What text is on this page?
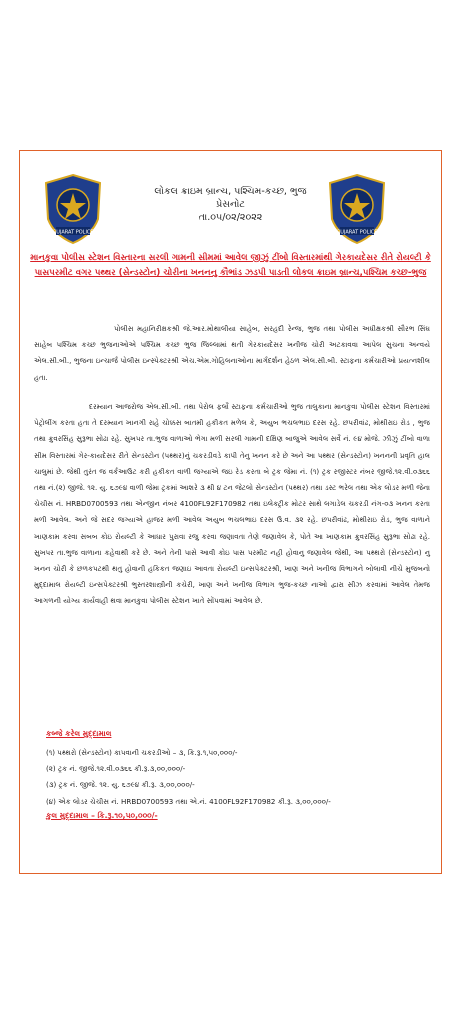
GUJARAT POLICE	GUJARAT POLICE
લોકલ ક્રાઇમ બ્રાન્ચ, પશ્ચિમ-કચ્છ, ભુજ
પ્રેસનોટ
તા.૦૫/૦૨/૨૦૨૨
માનકુવા પોલીસ સ્ટેશન વિસ્તારના સરલી ગામની સીમમાં આવેલ જીઝું ટીંબો વિસ્તારમાંથી ગેરકાયદેસર રીતે રોયલ્ટી કે પાસપરમીટ વગર પથ્થર (સેન્ડસ્ટોન) ચોરીના ખનનનુ કૌભાંડ ઝડપી પાડતી લોકલ ક્રાઇમ બ્રાન્ચ,પશ્ચિમ કચ્છ-ભુજ
પોલીસ મહાનિરીક્ષકશ્રી જે.આર.મોથાલીયા સાહેબ, સરહદી રેન્જ, ભુજ તથા પોલીસ અધીક્ષકશ્રી સૌરભ સિંઘ સાહેબ પશ્ચિમ કચ્છ ભુજનાઓએ પશ્ચિમ કચ્છ ભુજ જિલ્લામાં થતી ગેરકાયદેસર ખનીજ ચોરી અટકાવવા આપેલ સુચના અન્વયે એલ.સી.બી., ભુજના ઇન્ચાર્જ પોલીસ ઇન્સ્પેક્ટરશ્રી એચ.એમ.ગોહિલનાઓના માર્ગદર્શન હેઠળ એલ.સી.બી. સ્ટાફના કર્મચારીઓ પ્રયત્નશીલ હતા.
દરમ્યાન આજરોજ એલ.સી.બી. તથા પેરોલ ફર્લો સ્ટાફના કર્મચારીઓ ભુજ તાલુકાના માનકુવા પોલીસ સ્ટેશન વિસ્તારમાં પેટ્રોલીંગ કરતા હતા તે દરમ્યાન ખાનગી રાહે ચોક્કસ બાતમી હકીકત મળેલ કે, અયુબ ભચલભાઇ દરસ રહે. છપરીવાંઢ, મોથીરાઇ રોડ , ભુજ તથા ક્રુવરસિંહ સુરૂભા સોઢા રહે. સુખપર તા.ભુજ વાળાઓ ભેગા મળી સરલી ગામની દક્ષિણ બાજુએ આવેલ સર્વે નં. ૯૪ મોજે. ઝીઝું ટીંબો વાળા સીમ વિસ્તારમાં ગેર-કાયદેસર રીતે સેન્ડસ્ટોન (પથ્થર)નું ચકરડીવડે કાપી તેનુ ખનન કરે છે અને આ પથ્થર (સેન્ડસ્ટોન) ખનનની પ્રવૃતિ હાલ ચાલુમાં છે. જેથી તુરંત જ વર્કઆઉટ કરી હકીકત વાળી જગ્યાએ જઇ રેડ કરતા બે ટ્રક જેમા નં. (૧) ટ્રક રજીસ્ટર નંબર જીજે.૧૨.વી.૦૩૬૬ તથા નં.(૨) જીજે. ૧૨. યુ. ૬૭૯૪ વાળી જેમા ટ્રકમાં આશરે ૩ થી ૪ ટન જેટલો સેન્ડસ્ટોન (પથ્થર) તથા ડસ્ટ ભરેલ તથા એક લોડર મળી જેના ચેચીસ નં. HRBD0700593 તથા એન્જીન નંબર 4100FL92F170982 તથા ઇલેક્ટ્રીક મોટર સાથે લગાડેલ ચકરડી નંગ-૦૩ ખનન કરતા મળી આવેલ. અને જે સદર જગ્યાએ હાજર મળી આવેલ અયુબ ભચલભાઇ દરસ ઉ.વ. ૩૨ રહે. છપરીવાંઢ, મોથીરાઇ રોડ, ભુજ વાળાને ખાણકામ કરવા સબબ કોઇ રોયલ્ટી કે આધાર પુરાવા રજુ કરવા જણાવતા તેણે જણાવેલ કે, પોતે આ ખાણકામ ક્રુવરસિંહ સુરૂભા સોઢા રહે. સુખપર તા.ભુજ વાળાના કહેવાથી કરે છે. અને તેની પાસે આવી કોઇ પાસ પરમીટ નહી હોવાનુ જણાવેલ જેથી, આ પથ્થરો (સેન્ડસ્ટોન) નુ ખનન ચોરી કે છળકપટથી થતુ હોવાની હકિકત જણાઇ આવતા રોયલ્ટી ઇન્સપેક્ટરશ્રી, ખાણ અને ખનીજ વિભાગને બોલાવી નીચે મુજબનો મુદ્દામાલ રોયલ્ટી ઇન્સપેક્ટરશ્રી ભુસ્તરશાસ્ત્રીની કચેરી, ખાણ અને ખનીજ વિભાગ ભુજ-કચ્છ નાઓ દ્વારા સીઝ કરવામાં આવેલ તેમજ આગળની યોગ્ય કાર્યવાહી થવા માનકુવા પોલીસ સ્ટેશન ખાતે સોંપવામાં આવેલ છે.
કબ્જે કરેલ મુદ્દામાલ
(૧) પથ્થરો (સેન્ડસ્ટોન) કાપવાની ચકરડીઓ – ૩, કિ.રૂ.૧,૫૦,૦૦૦/-
(૨) ટ્રક નં. જીજે.૧૨.વી.૦૩૬૬ કી.રૂ.૩,૦૦,૦૦૦/-
(૩) ટ્રક નં. જીજે. ૧૨. યુ. ૬૭૯૪ કી.રૂ. ૩,૦૦,૦૦૦/-
(૪) એક લોડર ચેચીસ નં. HRBD0700593 તથા એ.નં. 4100FL92F170982 કી.રૂ. ૩,૦૦,૦૦૦/-
કુલ મુદ્દામાલ – કિ.રૂ.૧૦,૫૦,૦૦૦/-
